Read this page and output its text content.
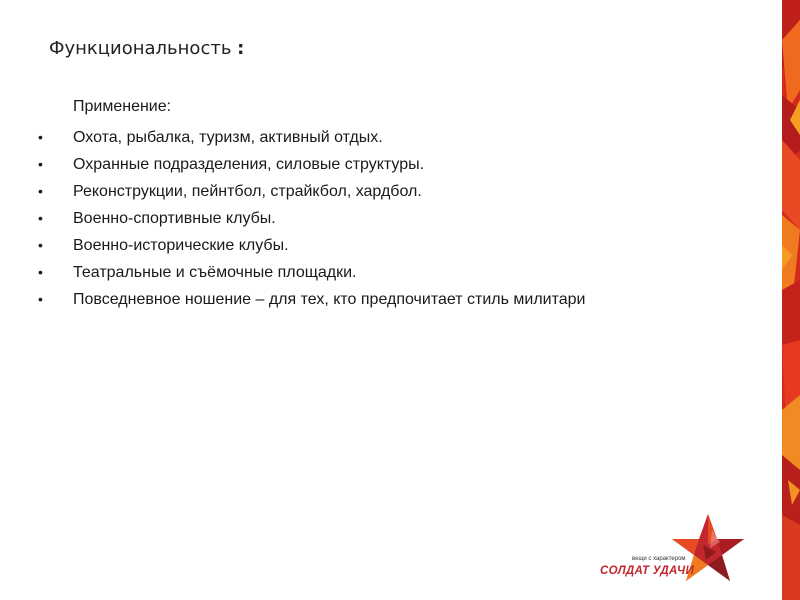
Функциональность :
Применение:
•	Охота, рыбалка, туризм, активный отдых.
•	Охранные подразделения, силовые структуры.
•	Реконструкции, пейнтбол, страйкбол, хардбол.
•	Военно-спортивные клубы.
•	Военно-исторические клубы.
•	Театральные и съёмочные площадки.
•	Повседневное ношение – для тех, кто предпочитает стиль милитари
вещи с характером
СОЛДАТ УДАЧИ
